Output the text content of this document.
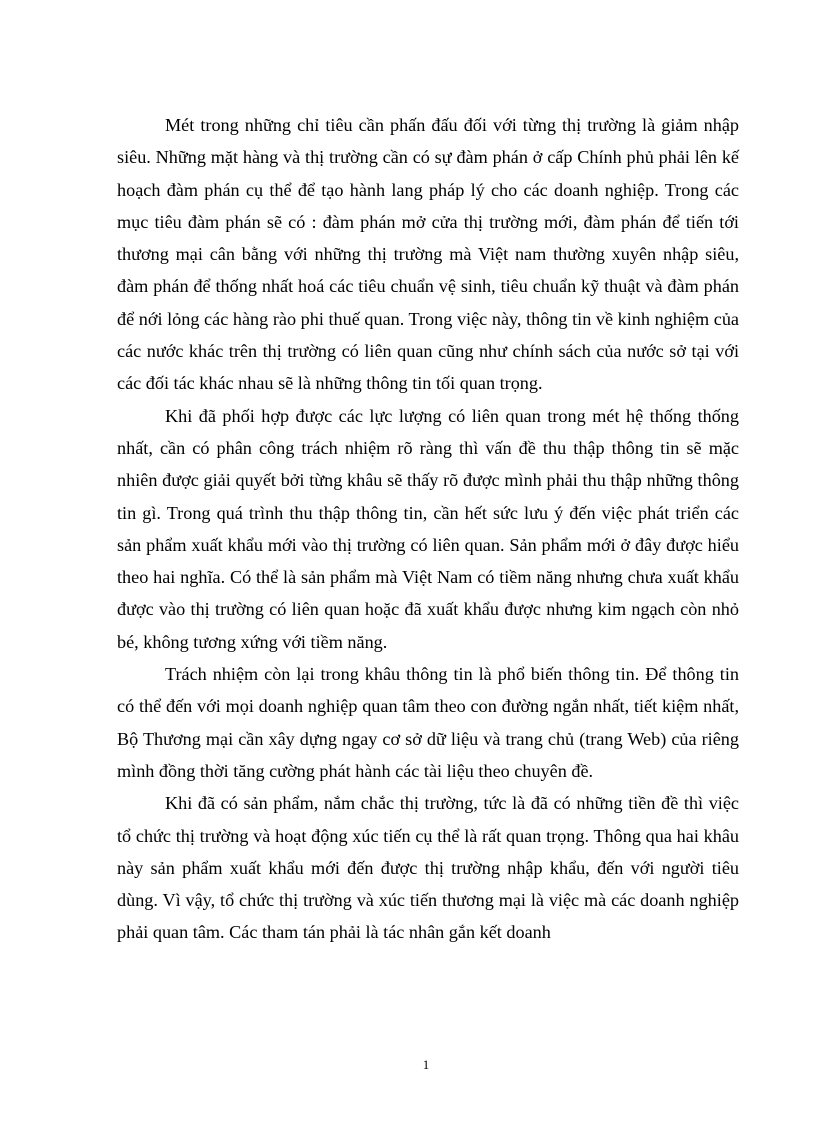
Mét trong những chỉ tiêu cần phấn đấu đối với từng thị trường là giảm nhập siêu. Những mặt hàng và thị trường cần có sự đàm phán ở cấp Chính phủ phải lên kế hoạch đàm phán cụ thể để tạo hành lang pháp lý cho các doanh nghiệp. Trong các mục tiêu đàm phán sẽ có : đàm phán mở cửa thị trường mới, đàm phán để tiến tới thương mại cân bằng với những thị trường mà Việt nam thường xuyên nhập siêu, đàm phán để thống nhất hoá các tiêu chuẩn vệ sinh, tiêu chuẩn kỹ thuật và đàm phán để nới lỏng các hàng rào phi thuế quan. Trong việc này, thông tin về kinh nghiệm của các nước khác trên thị trường có liên quan cũng như chính sách của nước sở tại với các đối tác khác nhau sẽ là những thông tin tối quan trọng.

Khi đã phối hợp được các lực lượng có liên quan trong mét hệ thống thống nhất, cần có phân công trách nhiệm rõ ràng thì vấn đề thu thập thông tin sẽ mặc nhiên được giải quyết bởi từng khâu sẽ thấy rõ được mình phải thu thập những thông tin gì. Trong quá trình thu thập thông tin, cần hết sức lưu ý đến việc phát triển các sản phẩm xuất khẩu mới vào thị trường có liên quan. Sản phẩm mới ở đây được hiểu theo hai nghĩa. Có thể là sản phẩm mà Việt Nam có tiềm năng nhưng chưa xuất khẩu được vào thị trường có liên quan hoặc đã xuất khẩu được nhưng kim ngạch còn nhỏ bé, không tương xứng với tiềm năng.

Trách nhiệm còn lại trong khâu thông tin là phổ biến thông tin. Để thông tin có thể đến với mọi doanh nghiệp quan tâm theo con đường ngắn nhất, tiết kiệm nhất, Bộ Thương mại cần xây dựng ngay cơ sở dữ liệu và trang chủ (trang Web) của riêng mình đồng thời tăng cường phát hành các tài liệu theo chuyên đề.

Khi đã có sản phẩm, nắm chắc thị trường, tức là đã có những tiền đề thì việc tổ chức thị trường và hoạt động xúc tiến cụ thể là rất quan trọng. Thông qua hai khâu này sản phẩm xuất khẩu mới đến được thị trường nhập khẩu, đến với người tiêu dùng. Vì vậy, tổ chức thị trường và xúc tiến thương mại là việc mà các doanh nghiệp phải quan tâm. Các tham tán phải là tác nhân gắn kết doanh

1
